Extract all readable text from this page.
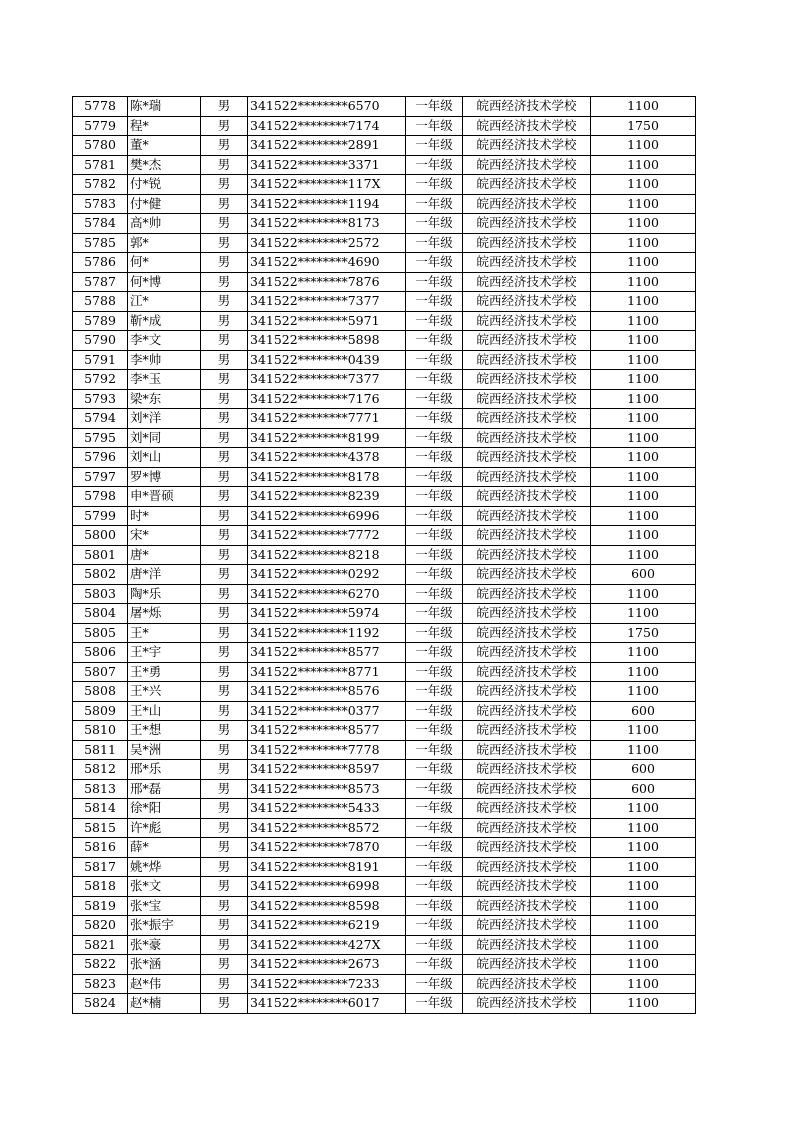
5778	陈*瑞	男	341522********6570	一年级	皖西经济技术学校	1100
5779	程*	男	341522********7174	一年级	皖西经济技术学校	1750
5780	董*	男	341522********2891	一年级	皖西经济技术学校	1100
5781	樊*杰	男	341522********3371	一年级	皖西经济技术学校	1100
5782	付*锐	男	341522********117X	一年级	皖西经济技术学校	1100
5783	付*健	男	341522********1194	一年级	皖西经济技术学校	1100
5784	高*帅	男	341522********8173	一年级	皖西经济技术学校	1100
5785	郭*	男	341522********2572	一年级	皖西经济技术学校	1100
5786	何*	男	341522********4690	一年级	皖西经济技术学校	1100
5787	何*博	男	341522********7876	一年级	皖西经济技术学校	1100
5788	江*	男	341522********7377	一年级	皖西经济技术学校	1100
5789	靳*成	男	341522********5971	一年级	皖西经济技术学校	1100
5790	李*文	男	341522********5898	一年级	皖西经济技术学校	1100
5791	李*帅	男	341522********0439	一年级	皖西经济技术学校	1100
5792	李*玉	男	341522********7377	一年级	皖西经济技术学校	1100
5793	梁*东	男	341522********7176	一年级	皖西经济技术学校	1100
5794	刘*洋	男	341522********7771	一年级	皖西经济技术学校	1100
5795	刘*同	男	341522********8199	一年级	皖西经济技术学校	1100
5796	刘*山	男	341522********4378	一年级	皖西经济技术学校	1100
5797	罗*博	男	341522********8178	一年级	皖西经济技术学校	1100
5798	申*晋硕	男	341522********8239	一年级	皖西经济技术学校	1100
5799	时*	男	341522********6996	一年级	皖西经济技术学校	1100
5800	宋*	男	341522********7772	一年级	皖西经济技术学校	1100
5801	唐*	男	341522********8218	一年级	皖西经济技术学校	1100
5802	唐*洋	男	341522********0292	一年级	皖西经济技术学校	600
5803	陶*乐	男	341522********6270	一年级	皖西经济技术学校	1100
5804	屠*烁	男	341522********5974	一年级	皖西经济技术学校	1100
5805	王*	男	341522********1192	一年级	皖西经济技术学校	1750
5806	王*宇	男	341522********8577	一年级	皖西经济技术学校	1100
5807	王*勇	男	341522********8771	一年级	皖西经济技术学校	1100
5808	王*兴	男	341522********8576	一年级	皖西经济技术学校	1100
5809	王*山	男	341522********0377	一年级	皖西经济技术学校	600
5810	王*想	男	341522********8577	一年级	皖西经济技术学校	1100
5811	吴*洲	男	341522********7778	一年级	皖西经济技术学校	1100
5812	邢*乐	男	341522********8597	一年级	皖西经济技术学校	600
5813	邢*磊	男	341522********8573	一年级	皖西经济技术学校	600
5814	徐*阳	男	341522********5433	一年级	皖西经济技术学校	1100
5815	许*彪	男	341522********8572	一年级	皖西经济技术学校	1100
5816	薛*	男	341522********7870	一年级	皖西经济技术学校	1100
5817	姚*烨	男	341522********8191	一年级	皖西经济技术学校	1100
5818	张*文	男	341522********6998	一年级	皖西经济技术学校	1100
5819	张*宝	男	341522********8598	一年级	皖西经济技术学校	1100
5820	张*振宇	男	341522********6219	一年级	皖西经济技术学校	1100
5821	张*豪	男	341522********427X	一年级	皖西经济技术学校	1100
5822	张*涵	男	341522********2673	一年级	皖西经济技术学校	1100
5823	赵*伟	男	341522********7233	一年级	皖西经济技术学校	1100
5824	赵*楠	男	341522********6017	一年级	皖西经济技术学校	1100
